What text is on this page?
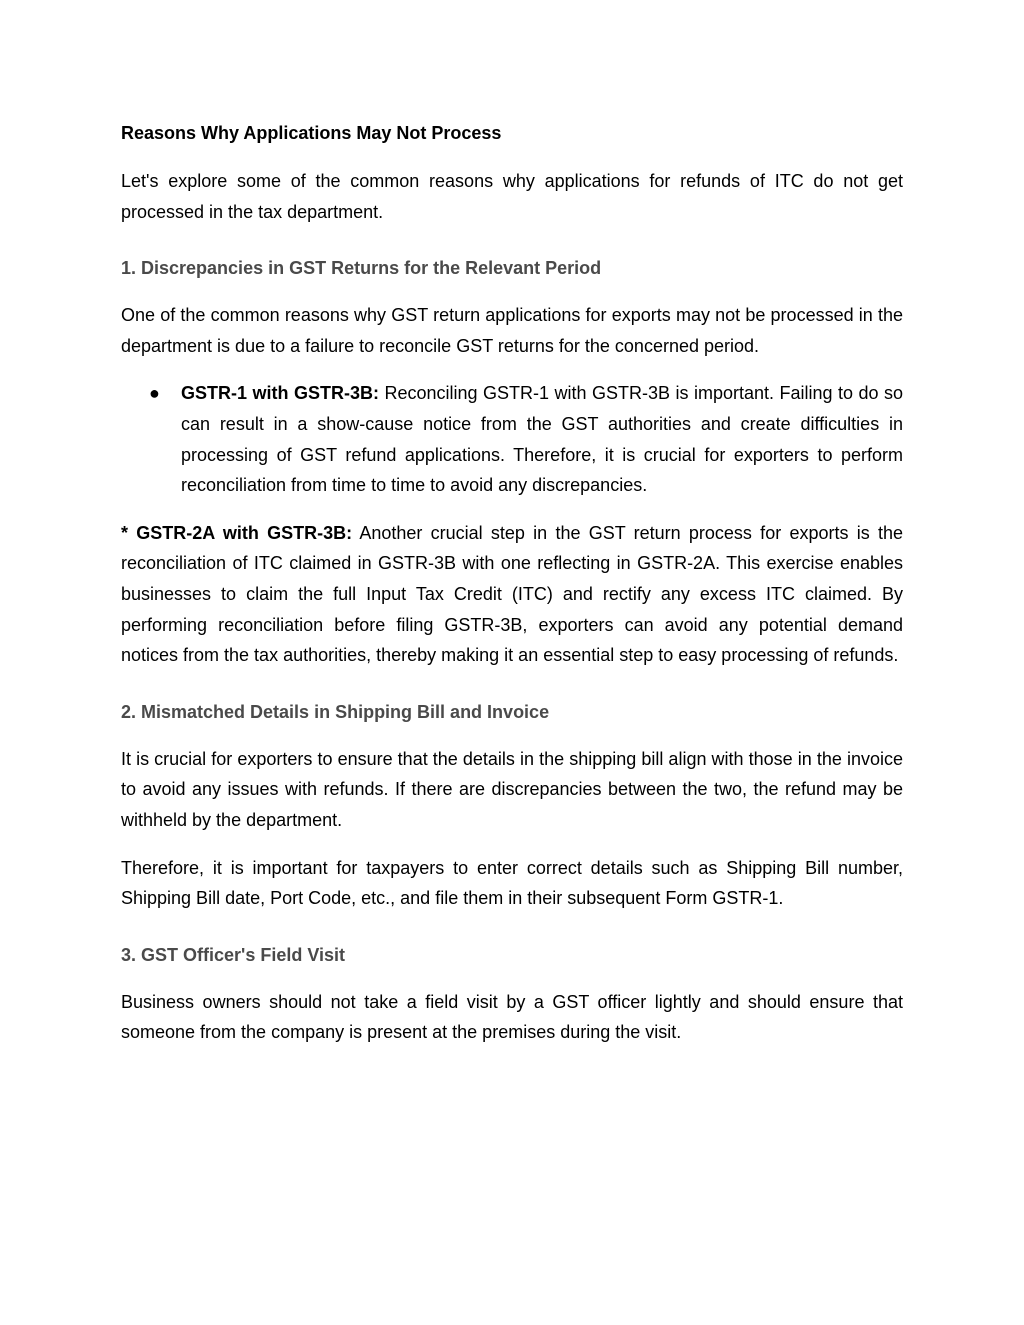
Reasons Why Applications May Not Process

Let's explore some of the common reasons why applications for refunds of ITC do not get processed in the tax department.

1. Discrepancies in GST Returns for the Relevant Period

One of the common reasons why GST return applications for exports may not be processed in the department is due to a failure to reconcile GST returns for the concerned period.

● GSTR-1 with GSTR-3B: Reconciling GSTR-1 with GSTR-3B is important. Failing to do so can result in a show-cause notice from the GST authorities and create difficulties in processing of GST refund applications. Therefore, it is crucial for exporters to perform reconciliation from time to time to avoid any discrepancies.

* GSTR-2A with GSTR-3B: Another crucial step in the GST return process for exports is the reconciliation of ITC claimed in GSTR-3B with one reflecting in GSTR-2A. This exercise enables businesses to claim the full Input Tax Credit (ITC) and rectify any excess ITC claimed. By performing reconciliation before filing GSTR-3B, exporters can avoid any potential demand notices from the tax authorities, thereby making it an essential step to easy processing of refunds.

2. Mismatched Details in Shipping Bill and Invoice

It is crucial for exporters to ensure that the details in the shipping bill align with those in the invoice to avoid any issues with refunds. If there are discrepancies between the two, the refund may be withheld by the department.

Therefore, it is important for taxpayers to enter correct details such as Shipping Bill number, Shipping Bill date, Port Code, etc., and file them in their subsequent Form GSTR-1.

3. GST Officer's Field Visit

Business owners should not take a field visit by a GST officer lightly and should ensure that someone from the company is present at the premises during the visit.
